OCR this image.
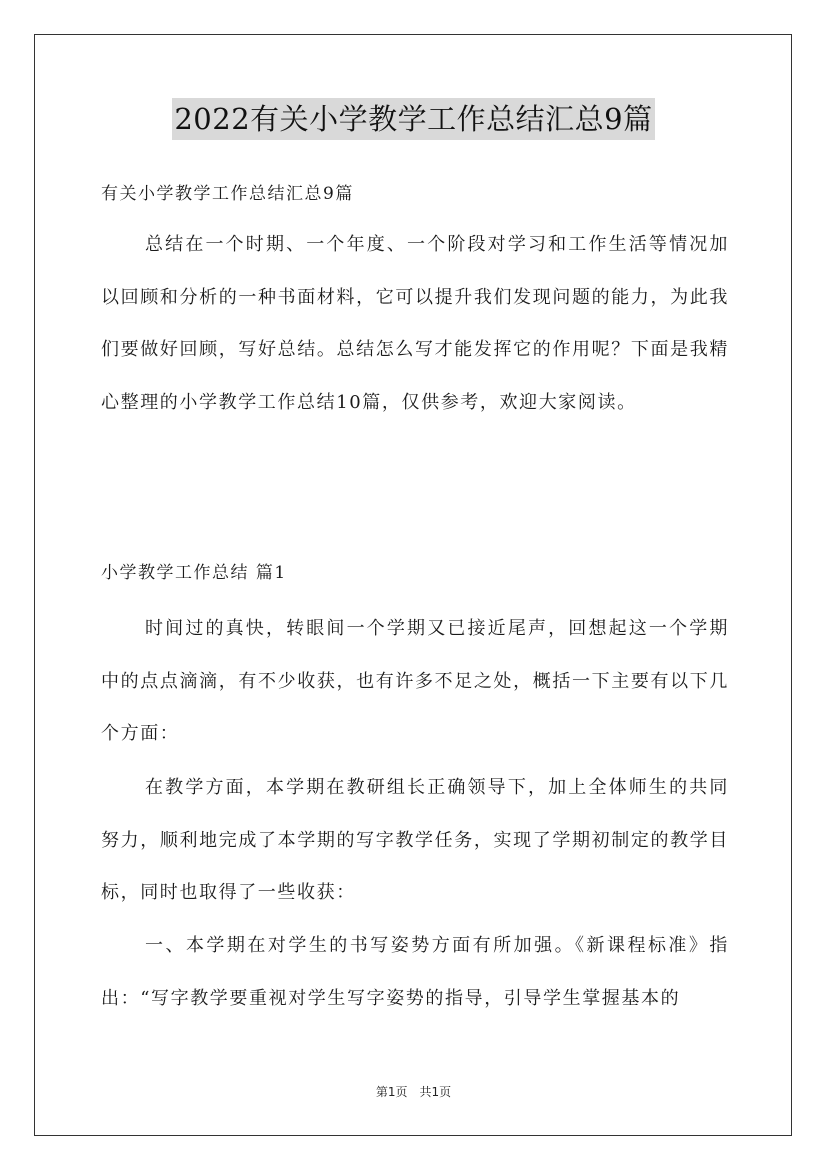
2022有关小学教学工作总结汇总9篇
有关小学教学工作总结汇总9篇

总结在一个时期、一个年度、一个阶段对学习和工作生活等情况加以回顾和分析的一种书面材料，它可以提升我们发现问题的能力，为此我们要做好回顾，写好总结。总结怎么写才能发挥它的作用呢？下面是我精心整理的小学教学工作总结10篇，仅供参考，欢迎大家阅读。

小学教学工作总结 篇1

时间过的真快，转眼间一个学期又已接近尾声，回想起这一个学期中的点点滴滴，有不少收获，也有许多不足之处，概括一下主要有以下几个方面：

在教学方面，本学期在教研组长正确领导下，加上全体师生的共同努力，顺利地完成了本学期的写字教学任务，实现了学期初制定的教学目标，同时也取得了一些收获：

一、本学期在对学生的书写姿势方面有所加强。《新课程标准》指出：“写字教学要重视对学生写字姿势的指导，引导学生掌握基本的

第1页　共1页
